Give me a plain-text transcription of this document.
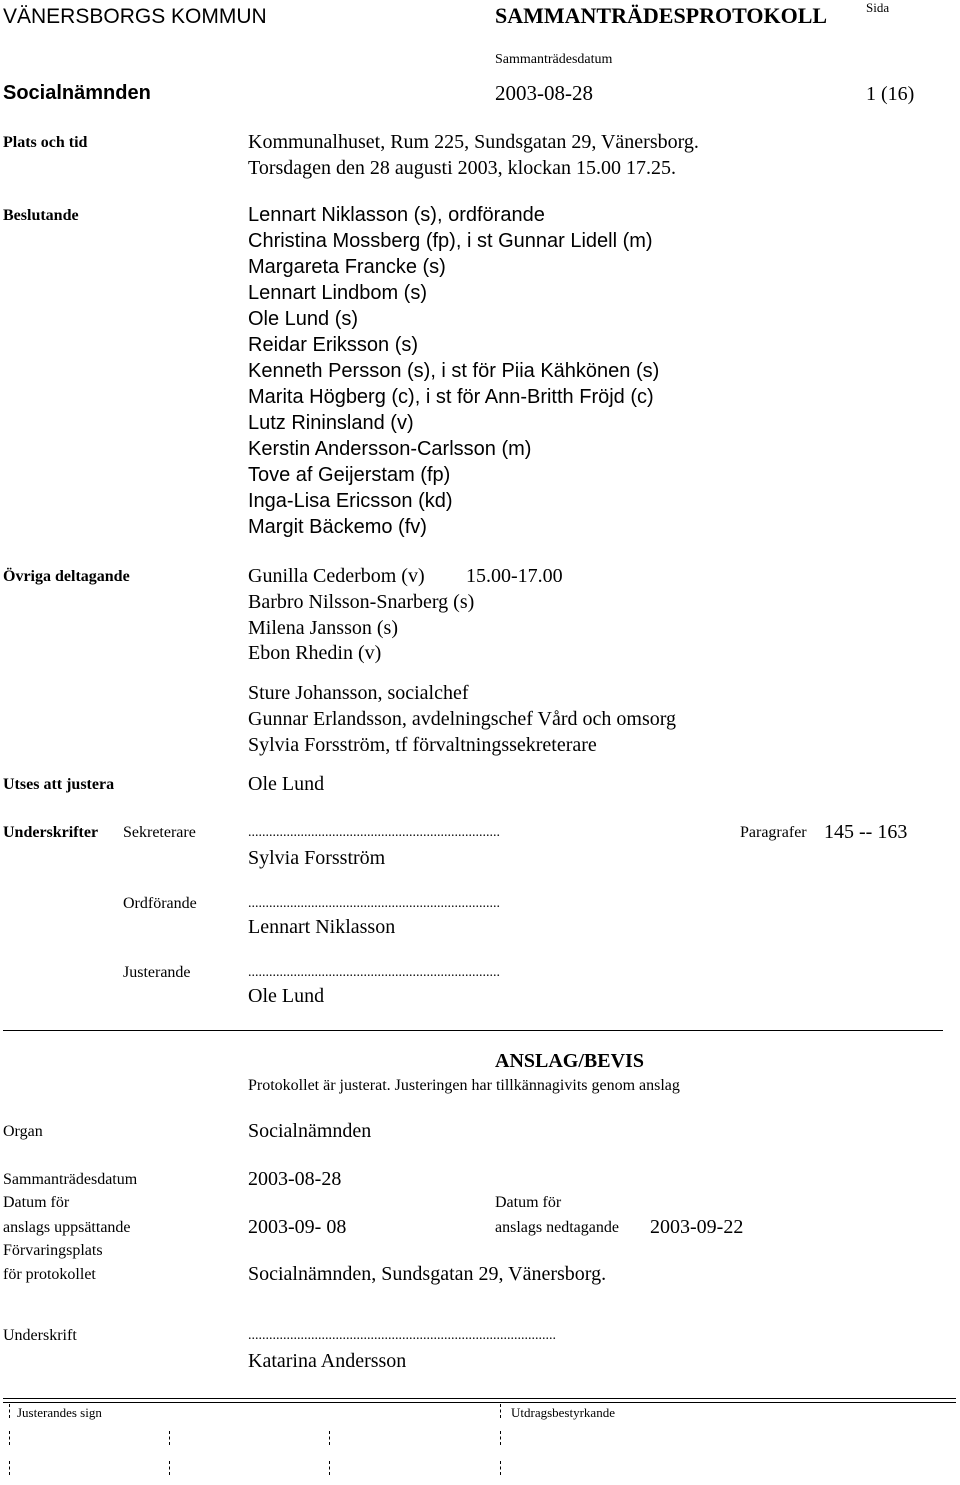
VÄNERSBORGS KOMMUN	SAMMANTRÄDESPROTOKOLL	Sida
Sammanträdesdatum
Socialnämnden	2003-08-28	1 (16)
Plats och tid	Kommunalhuset, Rum 225, Sundsgatan 29, Vänersborg.
Torsdagen den 28 augusti 2003, klockan 15.00 17.25.
Beslutande	Lennart Niklasson (s), ordförande
Christina Mossberg (fp), i st Gunnar Lidell (m)
Margareta Francke (s)
Lennart Lindbom (s)
Ole Lund (s)
Reidar Eriksson (s)
Kenneth Persson (s), i st för Piia Kähkönen (s)
Marita Högberg (c), i st för Ann-Britth Fröjd (c)
Lutz Rininsland (v)
Kerstin Andersson-Carlsson (m)
Tove af Geijerstam (fp)
Inga-Lisa Ericsson (kd)
Margit Bäckemo (fv)
Övriga deltagande	Gunilla Cederbom (v) 15.00-17.00
Barbro Nilsson-Snarberg (s)
Milena Jansson (s)
Ebon Rhedin (v)
Sture Johansson, socialchef
Gunnar Erlandsson, avdelningschef Vård och omsorg
Sylvia Forsström, tf förvaltningssekreterare
Utses att justera	Ole Lund
Underskrifter Sekreterare	........................................................................	Paragrafer 145 -- 163
Sylvia Forsström
Ordförande	........................................................................
Lennart Niklasson
Justerande	........................................................................
Ole Lund
ANSLAG/BEVIS
Protokollet är justerat. Justeringen har tillkännagivits genom anslag
Organ	Socialnämnden
Sammanträdesdatum	2003-08-28
Datum för
anslags uppsättande	2003-09- 08
Datum för
anslags nedtagande 2003-09-22
Förvaringsplats
för protokollet	Socialnämnden, Sundsgatan 29, Vänersborg.
Underskrift	........................................................................................
Katarina Andersson
Justerandes sign	Utdragsbestyrkande
